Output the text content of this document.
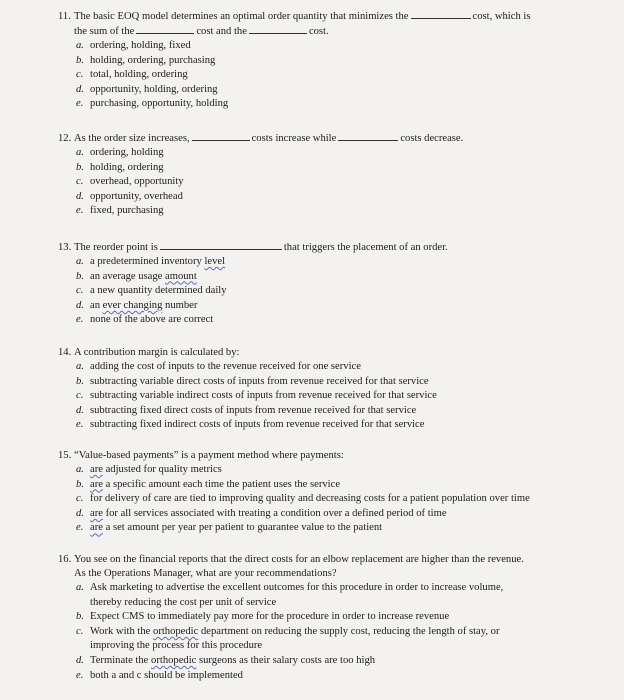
11. The basic EOQ model determines an optimal order quantity that minimizes the	cost, which is
the sum of the	cost and the	cost.
a. ordering, holding, fixed
b. holding, ordering, purchasing
c. total, holding, ordering
d. opportunity, holding, ordering
e. purchasing, opportunity, holding
12. As the order size increases,	costs increase while	costs decrease.
a. ordering, holding
b. holding, ordering
c. overhead, opportunity
d. opportunity, overhead
e. fixed, purchasing
13. The reorder point is	that triggers the placement of an order.
a. a predetermined inventory level
b. an average usage amount
c. a new quantity determined daily
d. an ever changing number
e. none of the above are correct
14. A contribution margin is calculated by:
a. adding the cost of inputs to the revenue received for one service
b. subtracting variable direct costs of inputs from revenue received for that service
c. subtracting variable indirect costs of inputs from revenue received for that service
d. subtracting fixed direct costs of inputs from revenue received for that service
e. subtracting fixed indirect costs of inputs from revenue received for that service
15. “Value-based payments” is a payment method where payments:
a. are adjusted for quality metrics
b. are a specific amount each time the patient uses the service
c. for delivery of care are tied to improving quality and decreasing costs for a patient population over time
d. are for all services associated with treating a condition over a defined period of time
e. are a set amount per year per patient to guarantee value to the patient
16. You see on the financial reports that the direct costs for an elbow replacement are higher than the revenue.
As the Operations Manager, what are your recommendations?
a. Ask marketing to advertise the excellent outcomes for this procedure in order to increase volume,
thereby reducing the cost per unit of service
b. Expect CMS to immediately pay more for the procedure in order to increase revenue
c. Work with the orthopedic department on reducing the supply cost, reducing the length of stay, or
improving the process for this procedure
d. Terminate the orthopedic surgeons as their salary costs are too high
e. both a and c should be implemented
